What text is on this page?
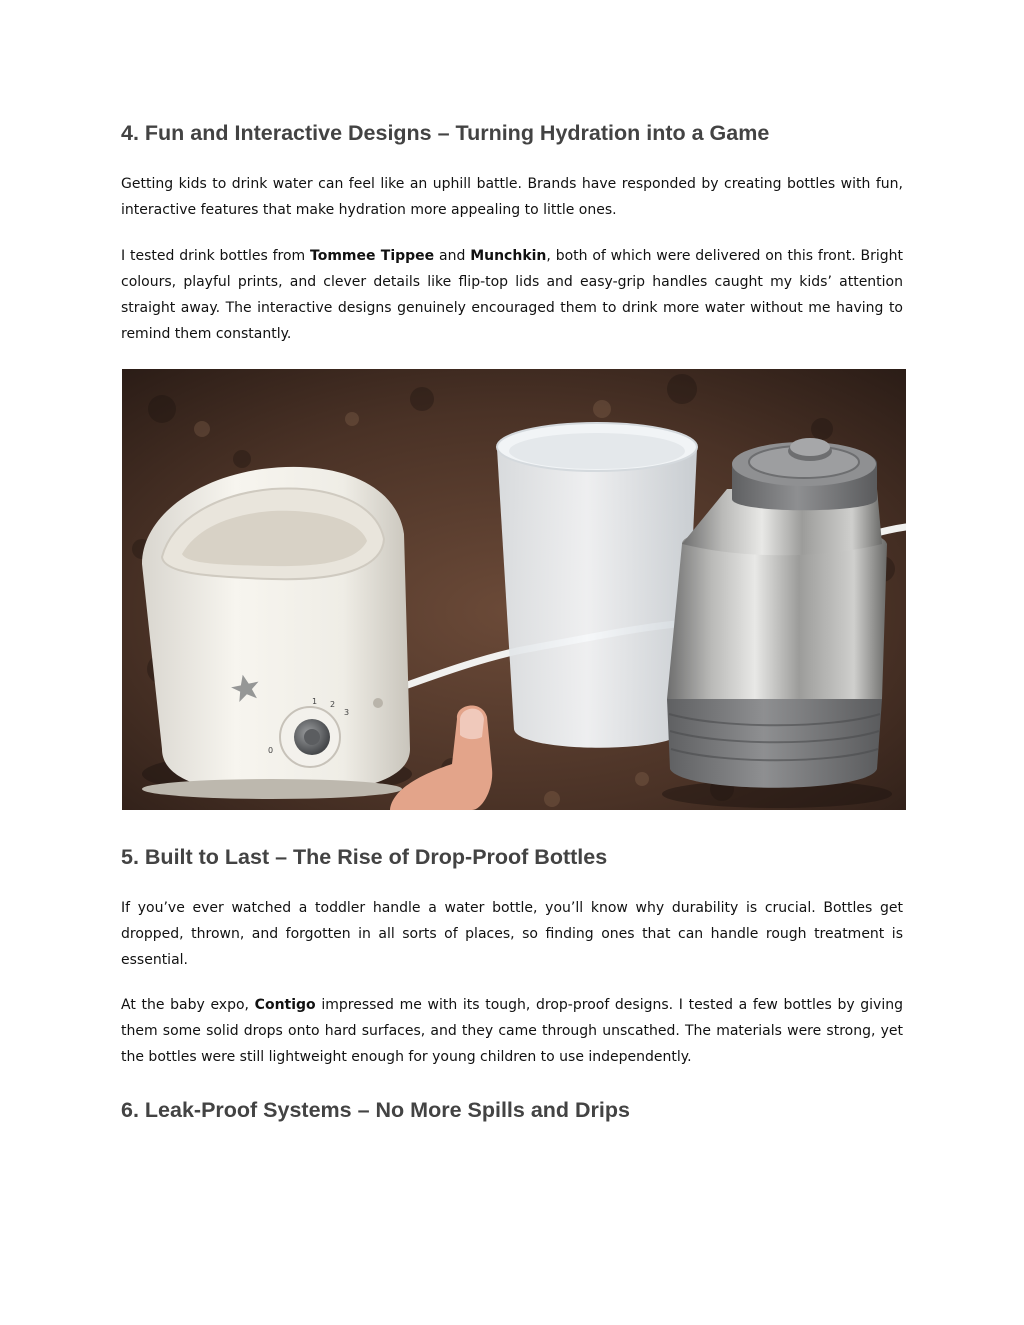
4. Fun and Interactive Designs – Turning Hydration into a Game

Getting kids to drink water can feel like an uphill battle. Brands have responded by creating bottles with fun, interactive features that make hydration more appealing to little ones.

I tested drink bottles from Tommee Tippee and Munchkin, both of which were delivered on this front. Bright colours, playful prints, and clever details like flip-top lids and easy-grip handles caught my kids’ attention straight away. The interactive designs genuinely encouraged them to drink more water without me having to remind them constantly.

0
1 2
3
5. Built to Last – The Rise of Drop-Proof Bottles

If you’ve ever watched a toddler handle a water bottle, you’ll know why durability is crucial. Bottles get dropped, thrown, and forgotten in all sorts of places, so finding ones that can handle rough treatment is essential.

At the baby expo, Contigo impressed me with its tough, drop-proof designs. I tested a few bottles by giving them some solid drops onto hard surfaces, and they came through unscathed. The materials were strong, yet the bottles were still lightweight enough for young children to use independently.

6. Leak-Proof Systems – No More Spills and Drips
